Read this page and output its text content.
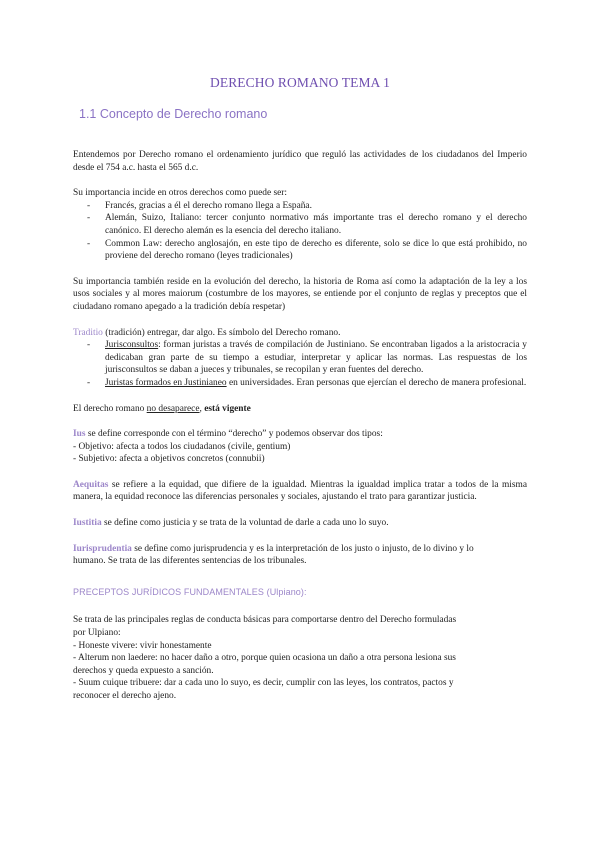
DERECHO ROMANO TEMA 1
1.1 Concepto de Derecho romano

Entendemos por Derecho romano el ordenamiento jurídico que reguló las actividades de los ciudadanos del Imperio desde el 754 a.c. hasta el 565 d.c.

Su importancia incide en otros derechos como puede ser:

- Francés, gracias a él el derecho romano llega a España.
- Alemán, Suizo, Italiano: tercer conjunto normativo más importante tras el derecho romano y el derecho canónico. El derecho alemán es la esencia del derecho italiano.
- Common Law: derecho anglosajón, en este tipo de derecho es diferente, solo se dice lo que está prohibido, no proviene del derecho romano (leyes tradicionales)

Su importancia también reside en la evolución del derecho, la historia de Roma así como la adaptación de la ley a los usos sociales y al mores maiorum (costumbre de los mayores, se entiende por el conjunto de reglas y preceptos que el ciudadano romano apegado a la tradición debía respetar)

Traditio (tradición) entregar, dar algo. Es símbolo del Derecho romano.

- Jurisconsultos: forman juristas a través de compilación de Justiniano. Se encontraban ligados a la aristocracia y dedicaban gran parte de su tiempo a estudiar, interpretar y aplicar las normas. Las respuestas de los jurisconsultos se daban a jueces y tribunales, se recopilan y eran fuentes del derecho.
- Juristas formados en Justinianeo en universidades. Eran personas que ejercían el derecho de manera profesional.

El derecho romano no desaparece, está vigente

Ius se define corresponde con el término “derecho” y podemos observar dos tipos:

- Objetivo: afecta a todos los ciudadanos (civile, gentium)

- Subjetivo: afecta a objetivos concretos (connubii)

Aequitas se refiere a la equidad, que difiere de la igualdad. Mientras la igualdad implica tratar a todos de la misma manera, la equidad reconoce las diferencias personales y sociales, ajustando el trato para garantizar justicia.

Iustitia se define como justicia y se trata de la voluntad de darle a cada uno lo suyo.

Iurisprudentia se define como jurisprudencia y es la interpretación de los justo o injusto, de lo divino y lo humano. Se trata de las diferentes sentencias de los tribunales.

PRECEPTOS JURÍDICOS FUNDAMENTALES (Ulpiano):

Se trata de las principales reglas de conducta básicas para comportarse dentro del Derecho formuladas por Ulpiano:

- Honeste vivere: vivir honestamente

- Alterum non laedere: no hacer daño a otro, porque quien ocasiona un daño a otra persona lesiona sus derechos y queda expuesto a sanción.

- Suum cuique tribuere: dar a cada uno lo suyo, es decir, cumplir con las leyes, los contratos, pactos y reconocer el derecho ajeno.
